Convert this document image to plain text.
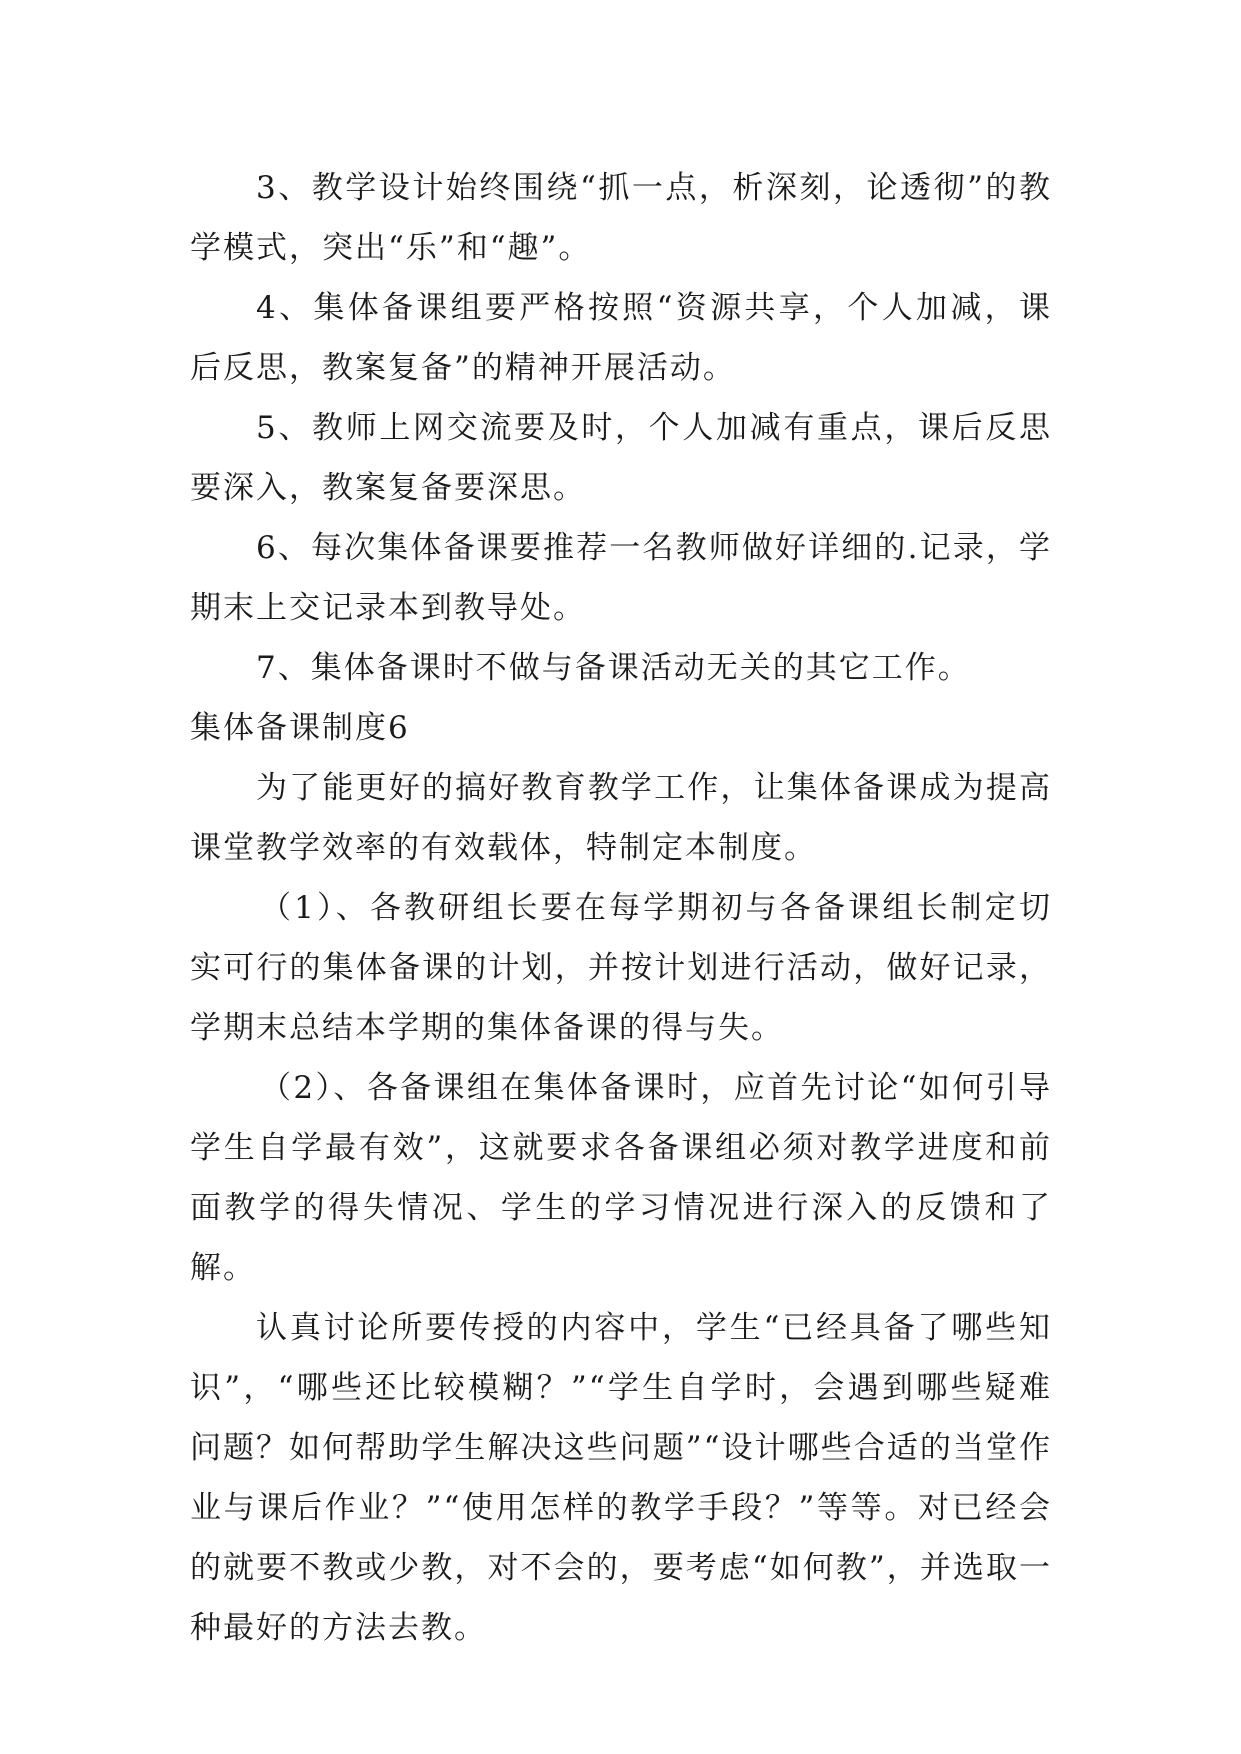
3、教学设计始终围绕“抓一点，析深刻，论透彻”的教学模式，突出“乐”和“趣”。

4、集体备课组要严格按照“资源共享，个人加减，课后反思，教案复备”的精神开展活动。

5、教师上网交流要及时，个人加减有重点，课后反思要深入，教案复备要深思。

6、每次集体备课要推荐一名教师做好详细的.记录，学期末上交记录本到教导处。

7、集体备课时不做与备课活动无关的其它工作。

集体备课制度6

为了能更好的搞好教育教学工作，让集体备课成为提高课堂教学效率的有效载体，特制定本制度。

（1）、各教研组长要在每学期初与各备课组长制定切实可行的集体备课的计划，并按计划进行活动，做好记录，学期末总结本学期的集体备课的得与失。

（2）、各备课组在集体备课时，应首先讨论“如何引导学生自学最有效”，这就要求各备课组必须对教学进度和前面教学的得失情况、学生的学习情况进行深入的反馈和了解。

认真讨论所要传授的内容中，学生“已经具备了哪些知识”，“哪些还比较模糊？”“学生自学时，会遇到哪些疑难问题？如何帮助学生解决这些问题”“设计哪些合适的当堂作业与课后作业？”“使用怎样的教学手段？”等等。对已经会的就要不教或少教，对不会的，要考虑“如何教”，并选取一种最好的方法去教。
